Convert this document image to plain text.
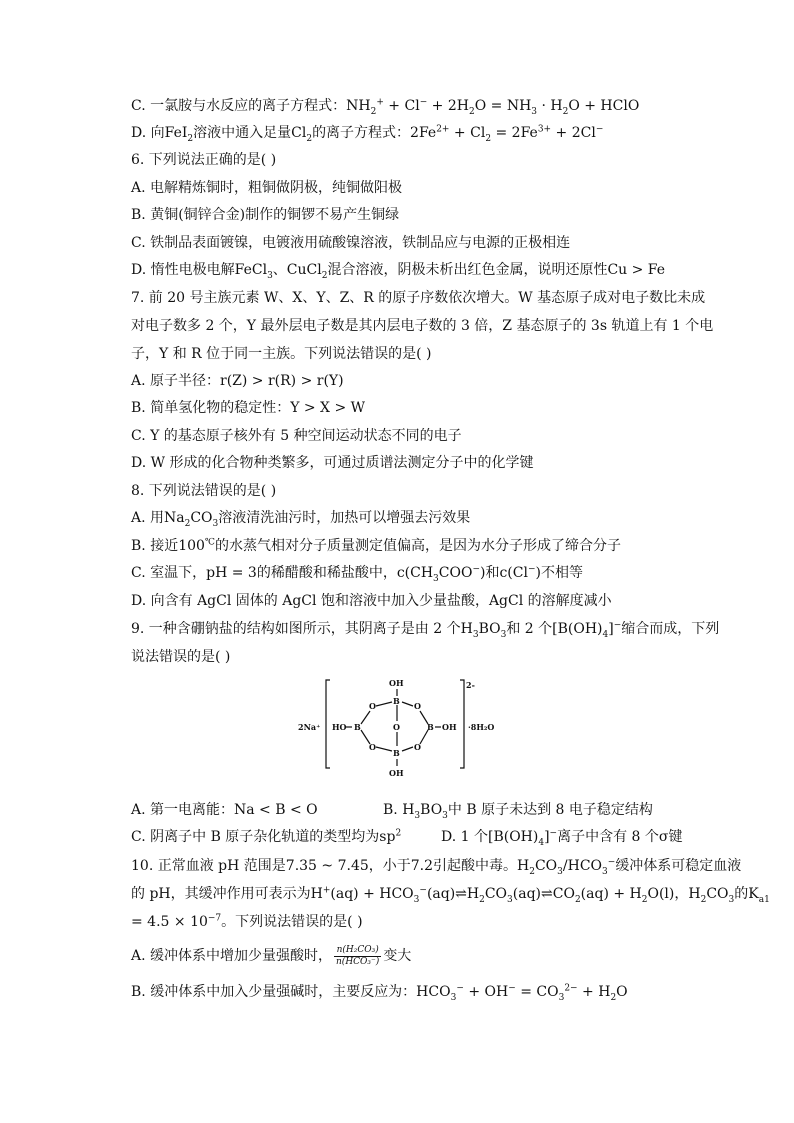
C. 一氯胺与水反应的离子方程式：$NH_2^+ + Cl^- + 2H_2O = NH_3 \cdot H_2O$ + HClO
D. 向FeI$_2$溶液中通入足量$Cl_2$的离子方程式：$2Fe^{2+} + Cl_2 = 2Fe^{3+} + 2Cl^-$
6. 下列说法正确的是( )
A. 电解精炼铜时，粗铜做阴极，纯铜做阳极
B. 黄铜(铜锌合金)制作的铜锣不易产生铜绿
C. 铁制品表面镀镍，电镀液用硫酸镍溶液，铁制品应与电源的正极相连
D. 惰性电极电解FeCl$_3$、CuCl$_2$混合溶液，阴极未析出红色金属，说明还原性Cu > Fe
7. 前 20 号主族元素 W、X、Y、Z、R 的原子序数依次增大。W 基态原子成对电子数比未成
对电子数多 2 个，Y 最外层电子数是其内层电子数的 3 倍，Z 基态原子的 3s 轨道上有 1 个电
子，Y 和 R 位于同一主族。下列说法错误的是( )
A. 原子半径：r(Z) > r(R) > r(Y)
B. 简单氢化物的稳定性：Y > X > W
C. Y 的基态原子核外有 5 种空间运动状态不同的电子
D. W 形成的化合物种类繁多，可通过质谱法测定分子中的化学键
8. 下列说法错误的是( )
A. 用$Na_2CO_3$溶液清洗油污时，加热可以增强去污效果
B. 接近100℃的水蒸气相对分子质量测定值偏高，是因为水分子形成了缔合分子
C. 室温下，pH = 3的稀醋酸和稀盐酸中，$c(CH_3COO^-)$和c(Cl−)不相等
D. 向含有 AgCl 固体的 AgCl 饱和溶液中加入少量盐酸，AgCl 的溶解度减小
9. 一种含硼钠盐的结构如图所示，其阴离子是由 2 个$H_3BO_3$和 2 个$[B(OH)_4]^-$缩合而成，下列
说法错误的是( )
2Na⁺
2-
·8H₂O
OH
B
O	O
HO B	O	B OH
O	O
B
OH
A. 第一电离能：Na < B < O	B. $H_3BO_3$中 B 原子未达到 8 电子稳定结构
C. 阴离子中 B 原子杂化轨道的类型均为$sp^2$	D. 1 个$[B(OH)_4]^-$离子中含有 8 个σ键
10. 正常血液 pH 范围是7.35 ~ 7.45，小于7.2引起酸中毒。$H_2CO_3/HCO_3^-$缓冲体系可稳定血液
的 pH，其缓冲作用可表示为$H^+(aq) + HCO_3^-(aq)\rightleftharpoons H_2CO_3(aq)\rightleftharpoons CO_2(aq) + H_2O(l)$，$H_2CO_3$的$K_{a1}$
= $4.5 \times 10^{-7}$。下列说法错误的是( )
A. 缓冲体系中增加少量强酸时， $\frac{\text{n(H₂CO₃)}}{\text{n(HCO₃⁻)}}$ 变大
B. 缓冲体系中加入少量强碱时，主要反应为：$HCO_3^- + OH^- = CO_3^{2-} + H_2O$
